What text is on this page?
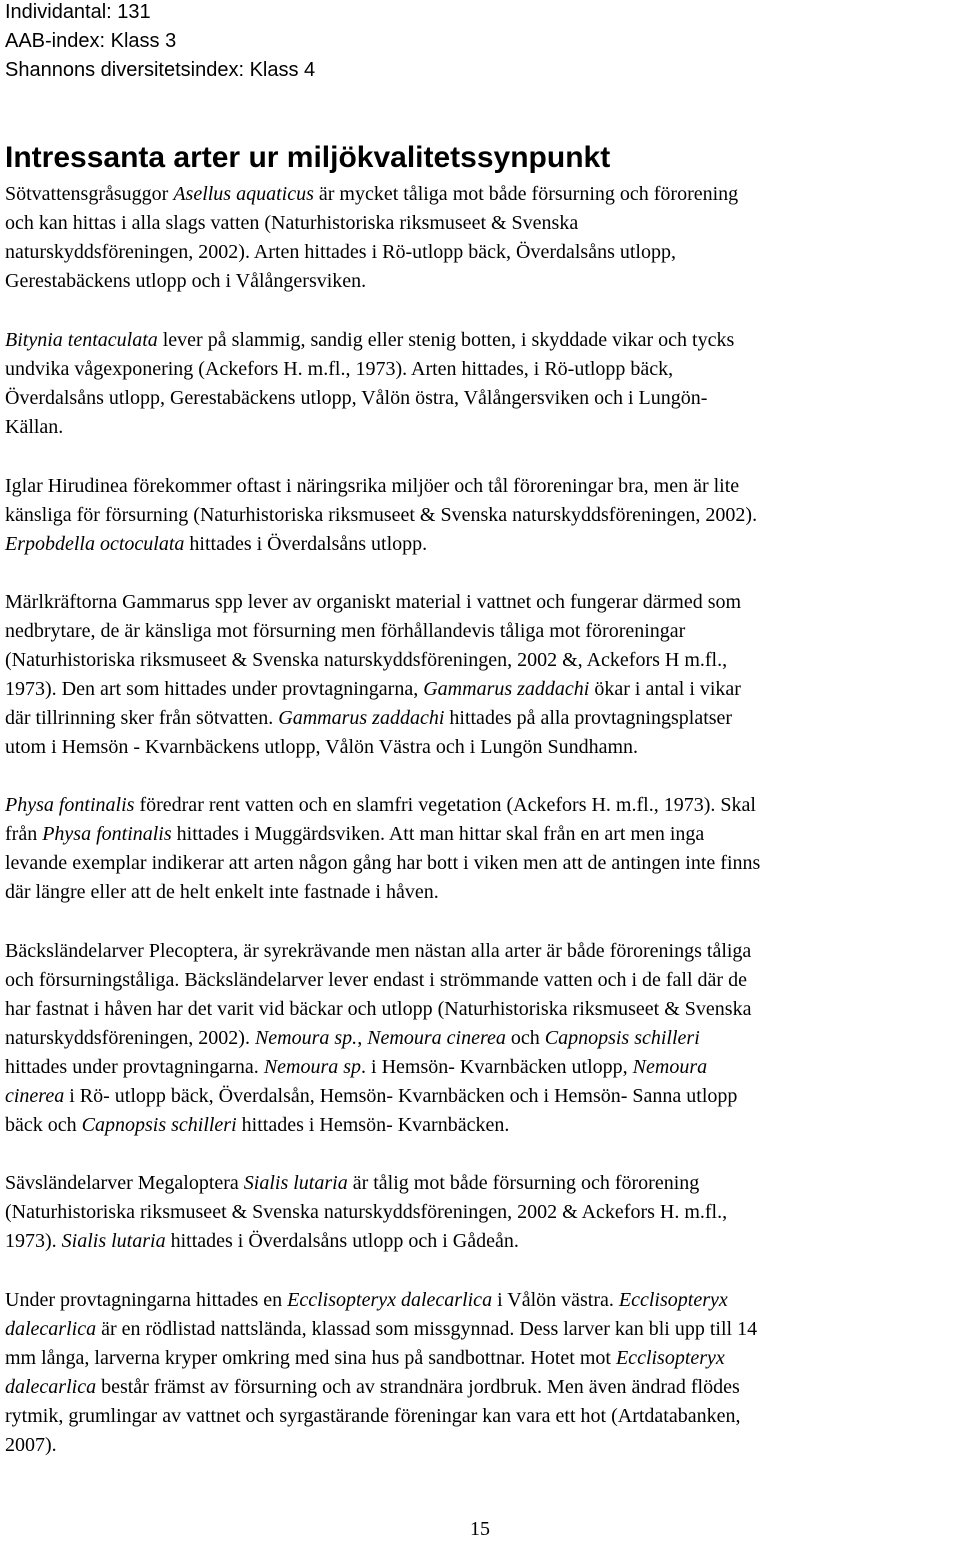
Individantal: 131
AAB-index: Klass 3
Shannons diversitetsindex: Klass 4
Intressanta arter ur miljökvalitetssynpunkt
Sötvattensgråsuggor Asellus aquaticus är mycket tåliga mot både försurning och förorening
och kan hittas i alla slags vatten (Naturhistoriska riksmuseet & Svenska
naturskyddsföreningen, 2002). Arten hittades i Rö-utlopp bäck, Överdalsåns utlopp,
Gerestabäckens utlopp och i Vålångersviken.

Bitynia tentaculata lever på slammig, sandig eller stenig botten, i skyddade vikar och tycks
undvika vågexponering (Ackefors H. m.fl., 1973). Arten hittades, i Rö-utlopp bäck,
Överdalsåns utlopp, Gerestabäckens utlopp, Vålön östra, Vålångersviken och i Lungön-
Källan.

Iglar Hirudinea förekommer oftast i näringsrika miljöer och tål föroreningar bra, men är lite
känsliga för försurning (Naturhistoriska riksmuseet & Svenska naturskyddsföreningen, 2002).
Erpobdella octoculata hittades i Överdalsåns utlopp.

Märlkräftorna Gammarus spp lever av organiskt material i vattnet och fungerar därmed som
nedbrytare, de är känsliga mot försurning men förhållandevis tåliga mot föroreningar
(Naturhistoriska riksmuseet & Svenska naturskyddsföreningen, 2002 &, Ackefors H m.fl.,
1973). Den art som hittades under provtagningarna, Gammarus zaddachi ökar i antal i vikar
där tillrinning sker från sötvatten. Gammarus zaddachi hittades på alla provtagningsplatser
utom i Hemsön - Kvarnbäckens utlopp, Vålön Västra och i Lungön Sundhamn.

Physa fontinalis föredrar rent vatten och en slamfri vegetation (Ackefors H. m.fl., 1973). Skal
från Physa fontinalis hittades i Muggärdsviken. Att man hittar skal från en art men inga
levande exemplar indikerar att arten någon gång har bott i viken men att de antingen inte finns
där längre eller att de helt enkelt inte fastnade i håven.

Bäcksländelarver Plecoptera, är syrekrävande men nästan alla arter är både förorenings tåliga
och försurningståliga. Bäcksländelarver lever endast i strömmande vatten och i de fall där de
har fastnat i håven har det varit vid bäckar och utlopp (Naturhistoriska riksmuseet & Svenska
naturskyddsföreningen, 2002). Nemoura sp., Nemoura cinerea och Capnopsis schilleri
hittades under provtagningarna. Nemoura sp. i Hemsön- Kvarnbäcken utlopp, Nemoura
cinerea i Rö- utlopp bäck, Överdalsån, Hemsön- Kvarnbäcken och i Hemsön- Sanna utlopp
bäck och Capnopsis schilleri hittades i Hemsön- Kvarnbäcken.

Sävsländelarver Megaloptera Sialis lutaria är tålig mot både försurning och förorening
(Naturhistoriska riksmuseet & Svenska naturskyddsföreningen, 2002 & Ackefors H. m.fl.,
1973). Sialis lutaria hittades i Överdalsåns utlopp och i Gådeån.

Under provtagningarna hittades en Ecclisopteryx dalecarlica i Vålön västra. Ecclisopteryx
dalecarlica är en rödlistad nattslända, klassad som missgynnad. Dess larver kan bli upp till 14
mm långa, larverna kryper omkring med sina hus på sandbottnar. Hotet mot Ecclisopteryx
dalecarlica består främst av försurning och av strandnära jordbruk. Men även ändrad flödes
rytmik, grumlingar av vattnet och syrgastärande föreningar kan vara ett hot (Artdatabanken,
2007).

15
